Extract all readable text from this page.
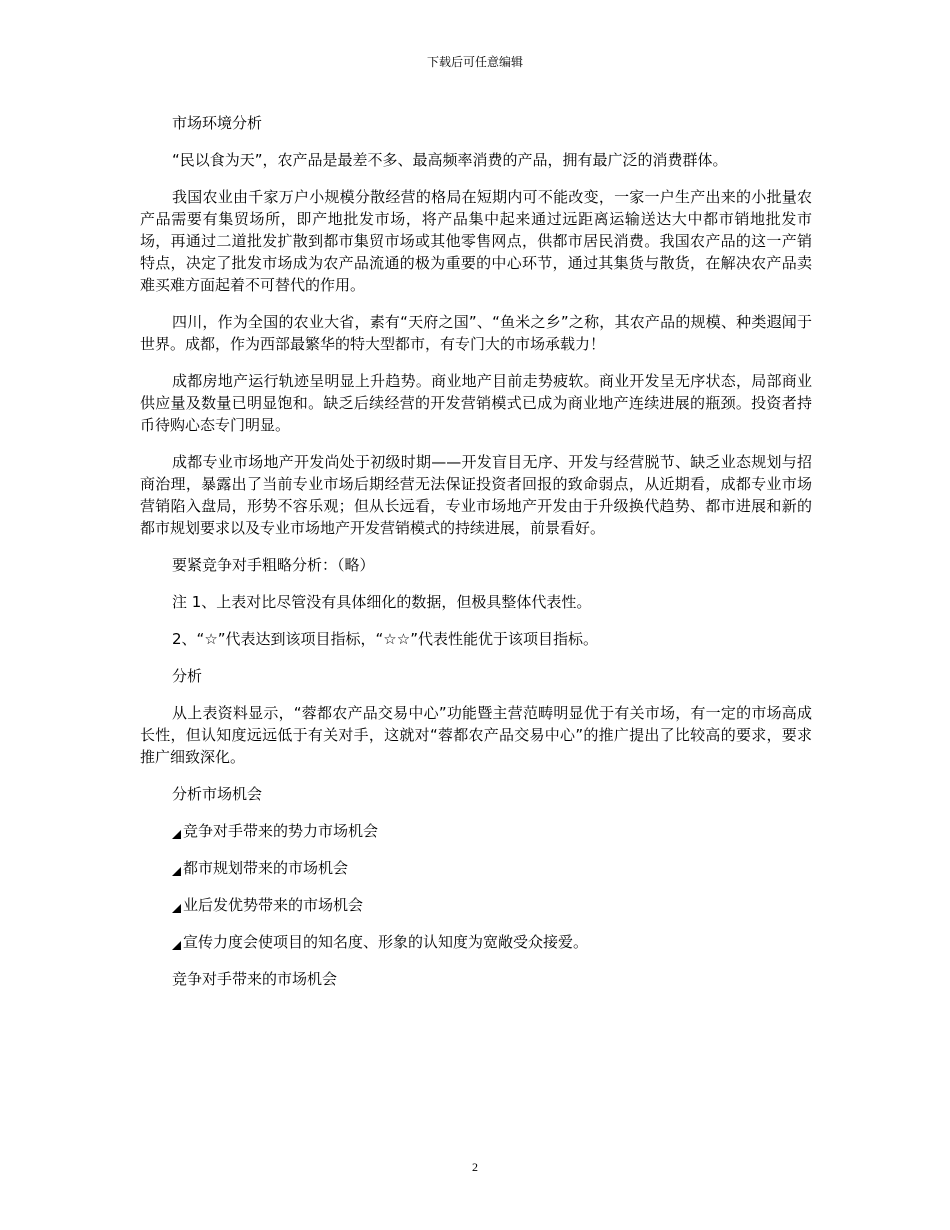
下载后可任意编辑

市场环境分析

“民以食为天”，农产品是最差不多、最高频率消费的产品，拥有最广泛的消费群体。

我国农业由千家万户小规模分散经营的格局在短期内可不能改变，一家一户生产出来的小批量农产品需要有集贸场所，即产地批发市场，将产品集中起来通过远距离运输送达大中都市销地批发市场，再通过二道批发扩散到都市集贸市场或其他零售网点，供都市居民消费。我国农产品的这一产销特点，决定了批发市场成为农产品流通的极为重要的中心环节，通过其集货与散货，在解决农产品卖难买难方面起着不可替代的作用。

四川，作为全国的农业大省，素有“天府之国”、“鱼米之乡”之称，其农产品的规模、种类遐闻于世界。成都，作为西部最繁华的特大型都市，有专门大的市场承载力！

成都房地产运行轨迹呈明显上升趋势。商业地产目前走势疲软。商业开发呈无序状态，局部商业供应量及数量已明显饱和。缺乏后续经营的开发营销模式已成为商业地产连续进展的瓶颈。投资者持币待购心态专门明显。

成都专业市场地产开发尚处于初级时期——开发盲目无序、开发与经营脱节、缺乏业态规划与招商治理，暴露出了当前专业市场后期经营无法保证投资者回报的致命弱点，从近期看，成都专业市场营销陷入盘局，形势不容乐观；但从长远看，专业市场地产开发由于升级换代趋势、都市进展和新的都市规划要求以及专业市场地产开发营销模式的持续进展，前景看好。

要紧竞争对手粗略分析：（略）

注 1、上表对比尽管没有具体细化的数据，但极具整体代表性。

2、“☆”代表达到该项目指标，“☆☆”代表性能优于该项目指标。

分析

从上表资料显示，“蓉都农产品交易中心”功能暨主营范畴明显优于有关市场，有一定的市场高成长性，但认知度远远低于有关对手，这就对“蓉都农产品交易中心”的推广提出了比较高的要求，要求推广细致深化。

分析市场机会

竞争对手带来的势力市场机会
都市规划带来的市场机会
业后发优势带来的市场机会
宣传力度会使项目的知名度、形象的认知度为宽敞受众接爱。

竞争对手带来的市场机会

2
